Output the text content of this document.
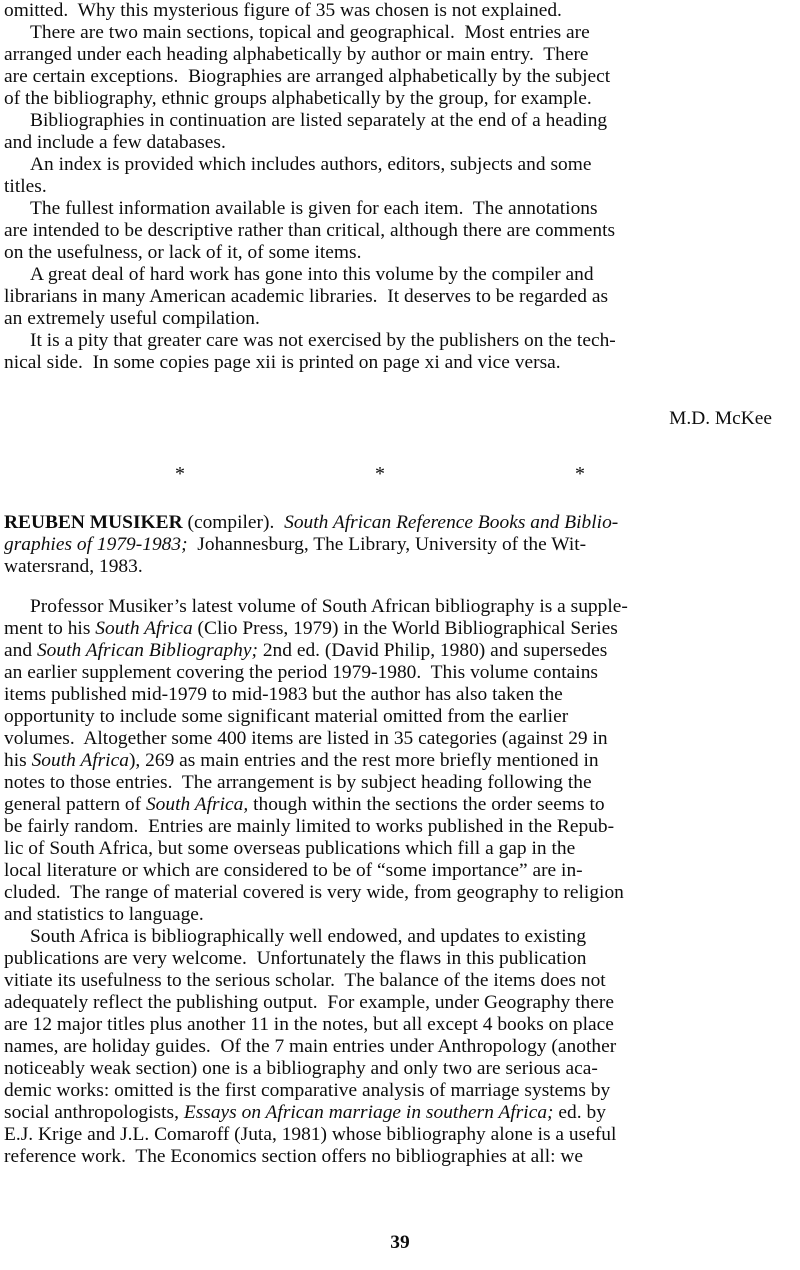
omitted.  Why this mysterious figure of 35 was chosen is not explained.
There are two main sections, topical and geographical.  Most entries are
arranged under each heading alphabetically by author or main entry.  There
are certain exceptions.  Biographies are arranged alphabetically by the subject
of the bibliography, ethnic groups alphabetically by the group, for example.
Bibliographies in continuation are listed separately at the end of a heading
and include a few databases.
An index is provided which includes authors, editors, subjects and some
titles.
The fullest information available is given for each item.  The annotations
are intended to be descriptive rather than critical, although there are comments
on the usefulness, or lack of it, of some items.
A great deal of hard work has gone into this volume by the compiler and
librarians in many American academic libraries.  It deserves to be regarded as
an extremely useful compilation.
It is a pity that greater care was not exercised by the publishers on the tech-
nical side.  In some copies page xii is printed on page xi and vice versa.
M.D. McKee
*	*	*
REUBEN MUSIKER (compiler).  South African Reference Books and Biblio-
graphies of 1979-1983;  Johannesburg, The Library, University of the Wit-
watersrand, 1983.
Professor Musiker’s latest volume of South African bibliography is a supple-
ment to his South Africa (Clio Press, 1979) in the World Bibliographical Series
and South African Bibliography; 2nd ed. (David Philip, 1980) and supersedes
an earlier supplement covering the period 1979-1980.  This volume contains
items published mid-1979 to mid-1983 but the author has also taken the
opportunity to include some significant material omitted from the earlier
volumes.  Altogether some 400 items are listed in 35 categories (against 29 in
his South Africa), 269 as main entries and the rest more briefly mentioned in
notes to those entries.  The arrangement is by subject heading following the
general pattern of South Africa, though within the sections the order seems to
be fairly random.  Entries are mainly limited to works published in the Repub-
lic of South Africa, but some overseas publications which fill a gap in the
local literature or which are considered to be of “some importance” are in-
cluded.  The range of material covered is very wide, from geography to religion
and statistics to language.
South Africa is bibliographically well endowed, and updates to existing
publications are very welcome.  Unfortunately the flaws in this publication
vitiate its usefulness to the serious scholar.  The balance of the items does not
adequately reflect the publishing output.  For example, under Geography there
are 12 major titles plus another 11 in the notes, but all except 4 books on place
names, are holiday guides.  Of the 7 main entries under Anthropology (another
noticeably weak section) one is a bibliography and only two are serious aca-
demic works: omitted is the first comparative analysis of marriage systems by
social anthropologists, Essays on African marriage in southern Africa; ed. by
E.J. Krige and J.L. Comaroff (Juta, 1981) whose bibliography alone is a useful
reference work.  The Economics section offers no bibliographies at all: we
39
